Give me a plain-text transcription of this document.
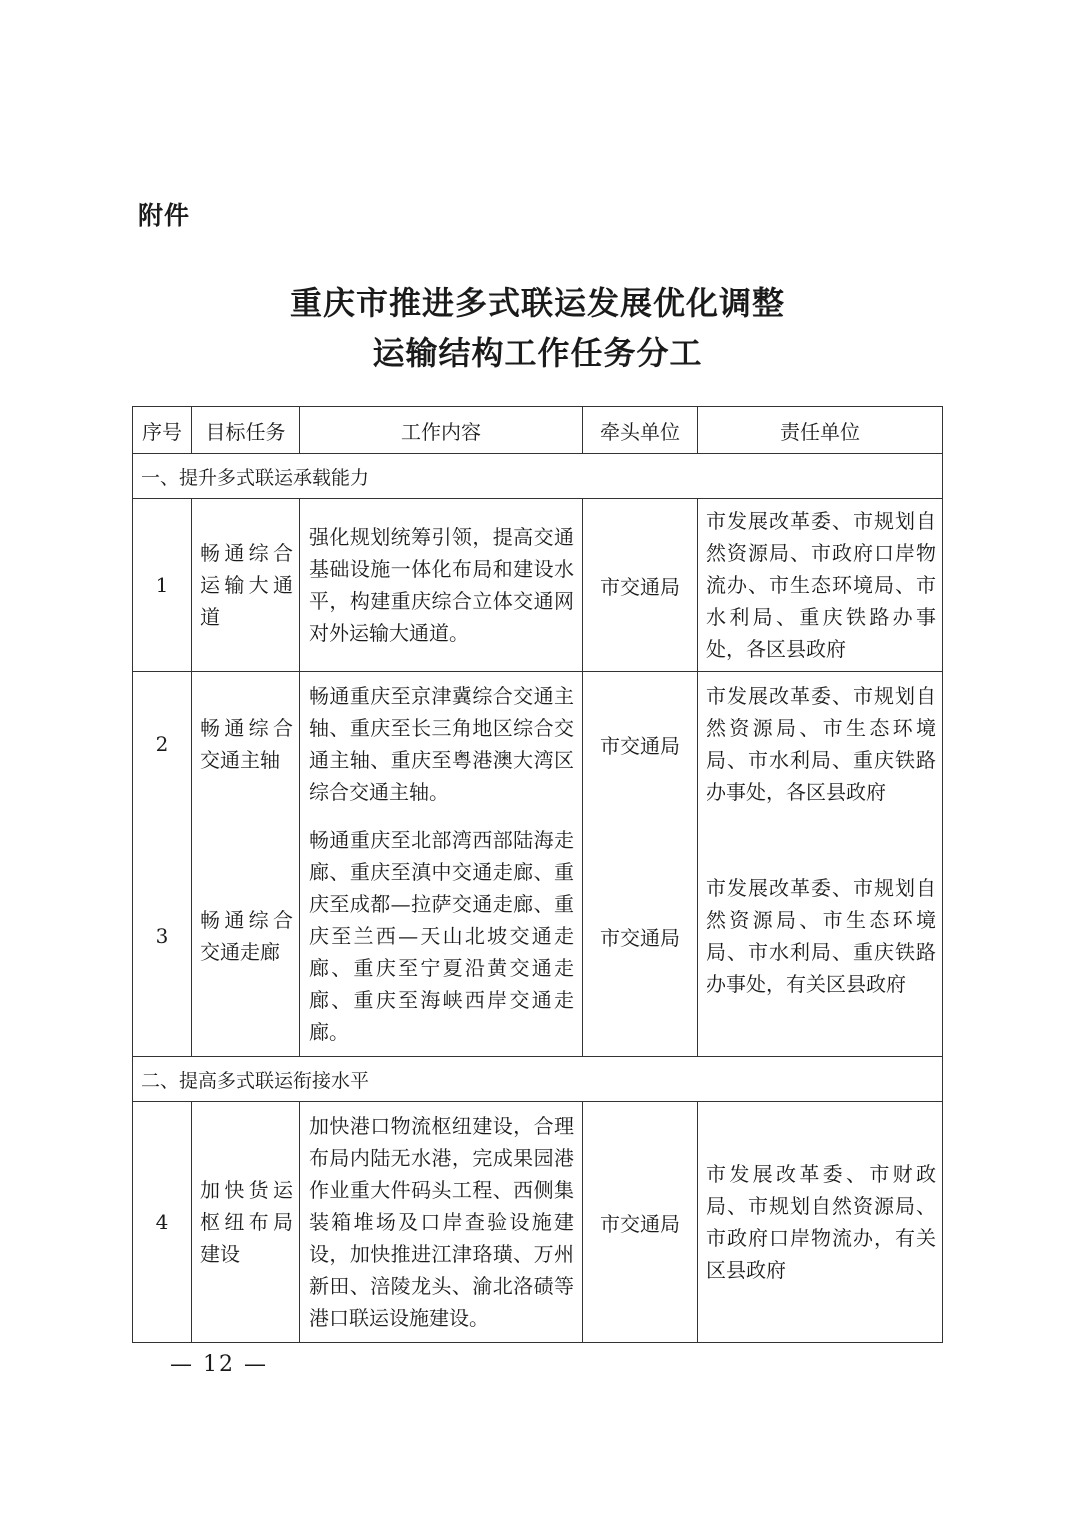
附件
重庆市推进多式联运发展优化调整
运输结构工作任务分工
序号	目标任务	工作内容	牵头单位	责任单位
一、提升多式联运承载能力				
1	畅通综合运输大通道	强化规划统筹引领，提高交通基础设施一体化布局和建设水平，构建重庆综合立体交通网对外运输大通道。	市交通局	市发展改革委、市规划自然资源局、市政府口岸物流办、市生态环境局、市水利局、重庆铁路办事处，各区县政府
2	畅通综合交通主轴	畅通重庆至京津冀综合交通主轴、重庆至长三角地区综合交通主轴、重庆至粤港澳大湾区综合交通主轴。	市交通局	市发展改革委、市规划自然资源局、市生态环境局、市水利局、重庆铁路办事处，各区县政府
3	畅通综合交通走廊	畅通重庆至北部湾西部陆海走廊、重庆至滇中交通走廊、重庆至成都—拉萨交通走廊、重庆至兰西—天山北坡交通走廊、重庆至宁夏沿黄交通走廊、重庆至海峡西岸交通走廊。	市交通局	市发展改革委、市规划自然资源局、市生态环境局、市水利局、重庆铁路办事处，有关区县政府
二、提高多式联运衔接水平				
4	加快货运枢纽布局建设	加快港口物流枢纽建设，合理布局内陆无水港，完成果园港作业重大件码头工程、西侧集装箱堆场及口岸查验设施建设，加快推进江津珞璜、万州新田、涪陵龙头、渝北洛碛等港口联运设施建设。	市交通局	市发展改革委、市财政局、市规划自然资源局、市政府口岸物流办，有关区县政府
— 12 —
